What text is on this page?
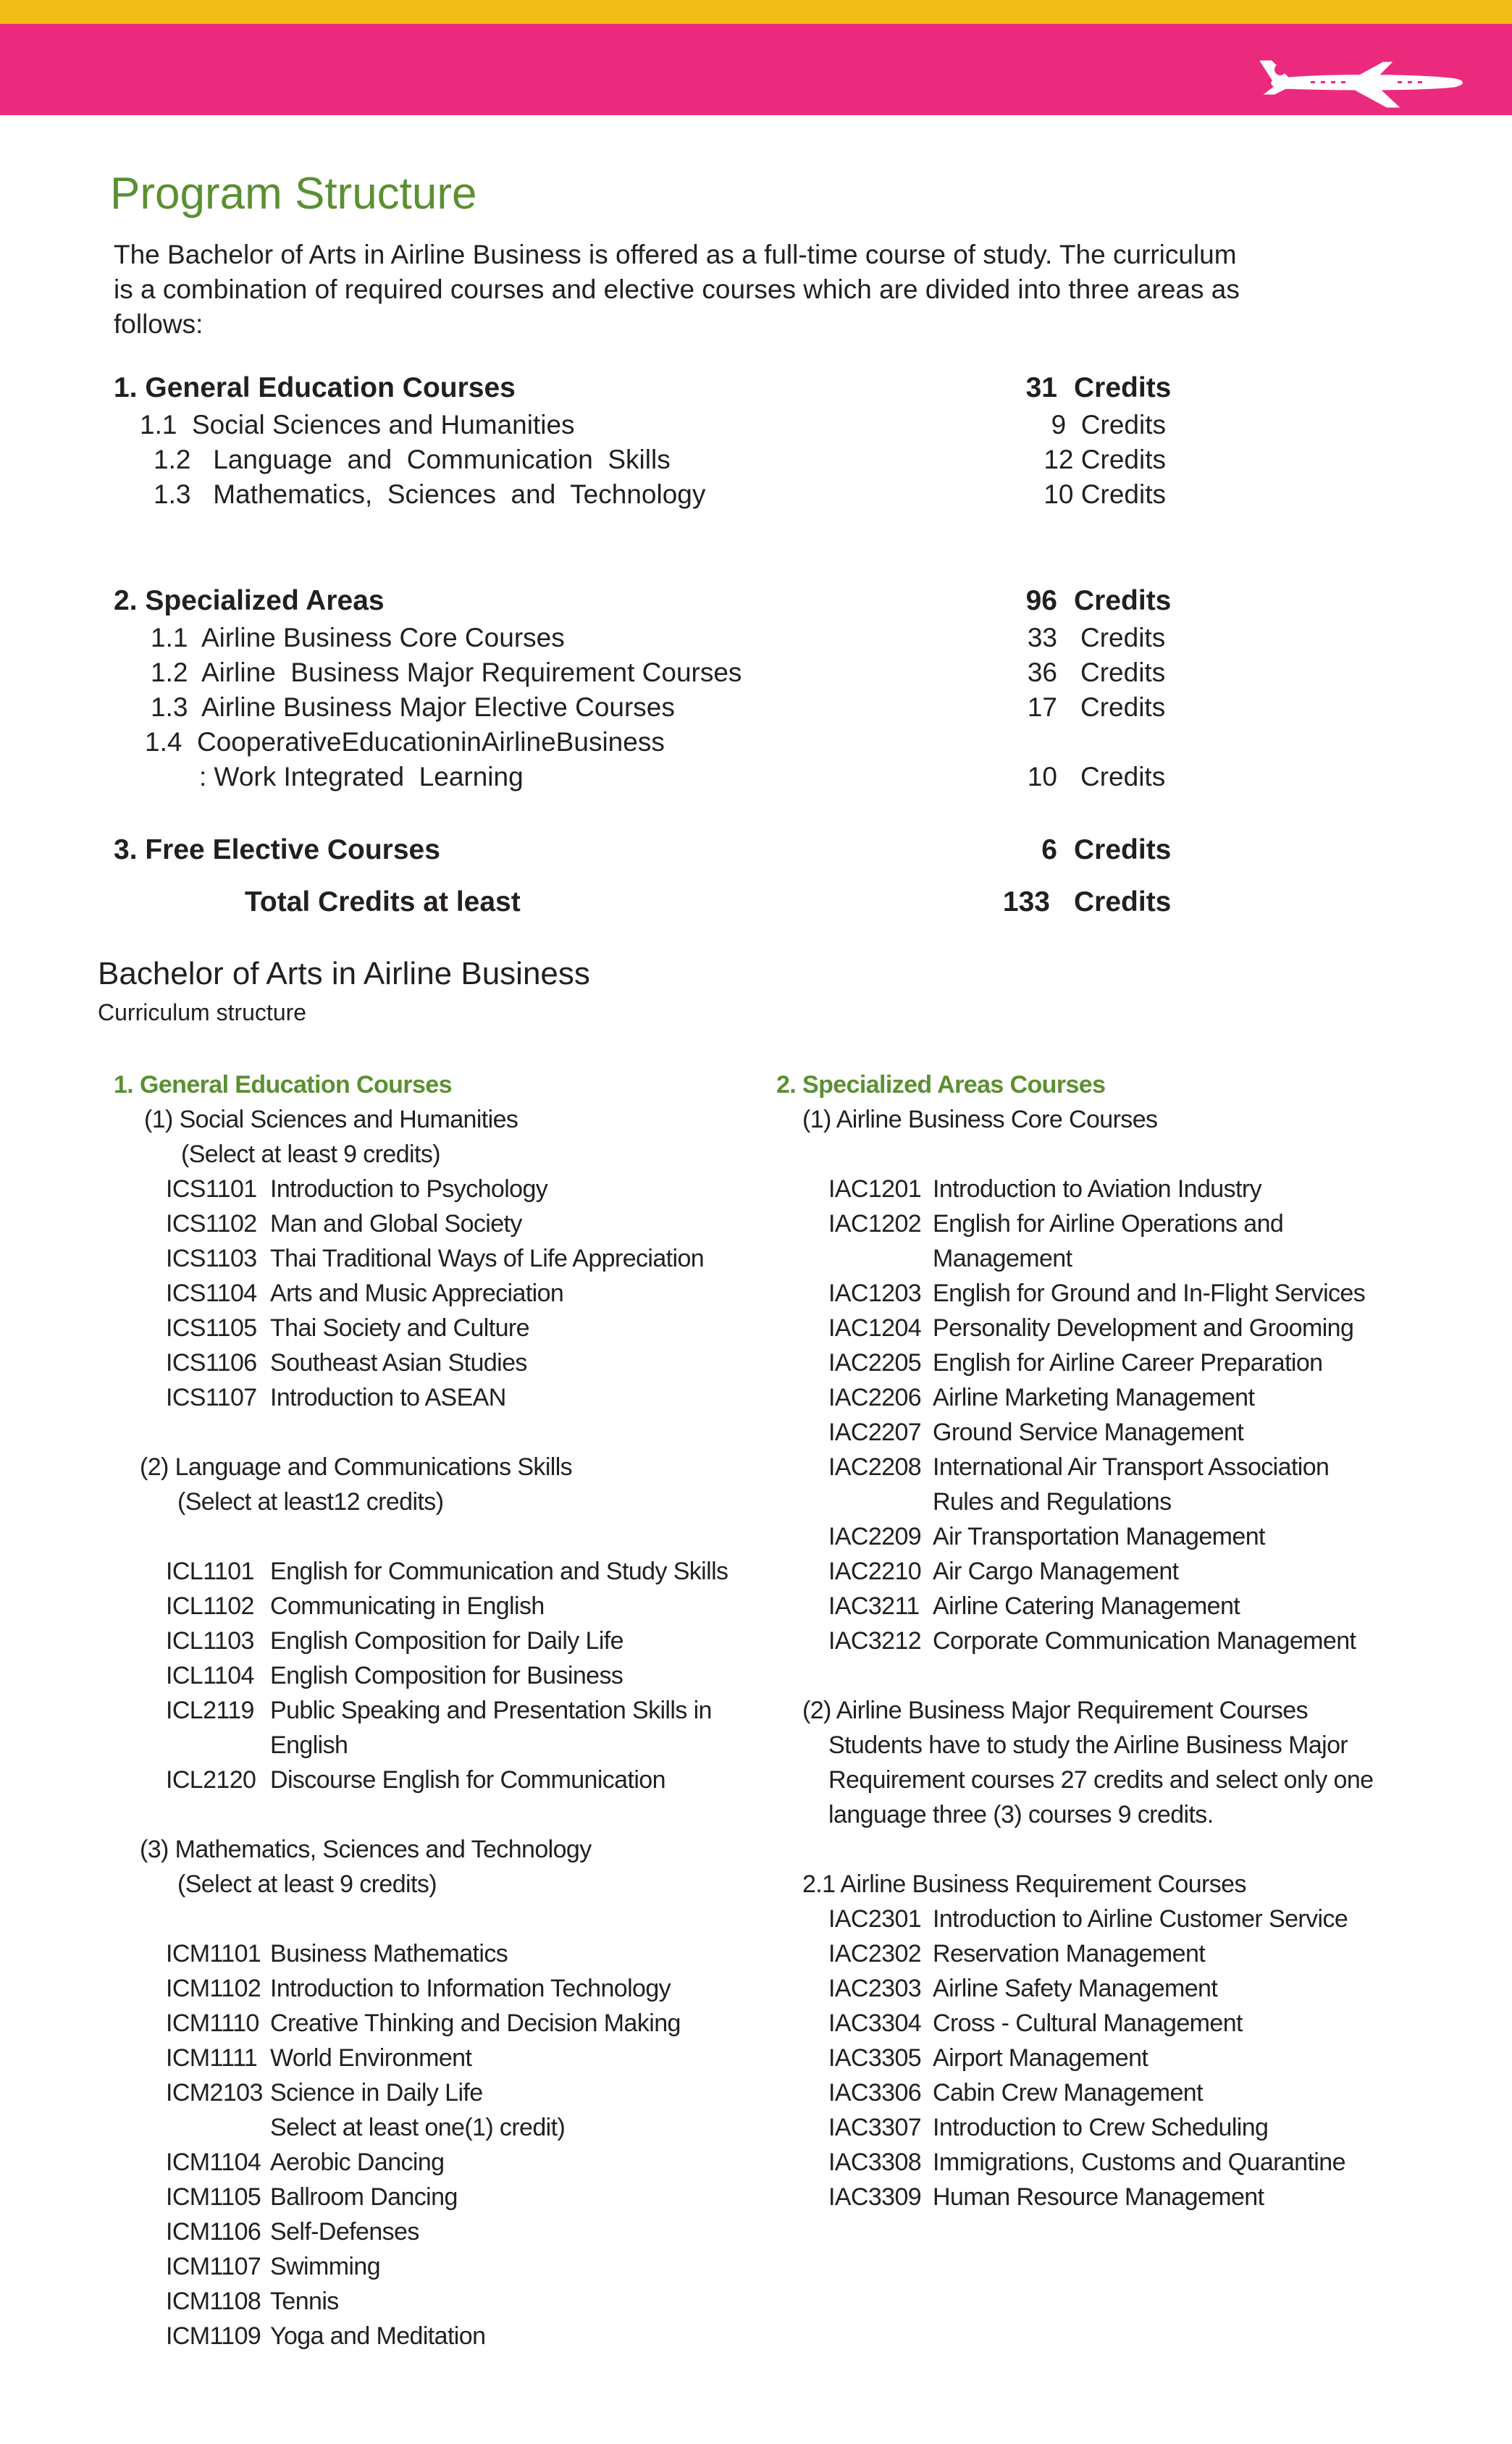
Program Structure
The Bachelor of Arts in Airline Business is offered as a full-time course of study. The curriculum
is a combination of required courses and elective courses which are divided into three areas as
follows:
1. General Education Courses	31 Credits
1.1  Social Sciences and Humanities	9  Credits
1.2   Language  and  Communication  Skills	12 Credits
1.3   Mathematics,  Sciences  and  Technology	10 Credits
2. Specialized Areas	96 Credits
1.1  Airline Business Core Courses	33 Credits
1.2  Airline  Business Major Requirement Courses	36 Credits
1.3  Airline Business Major Elective Courses	17 Credits
1.4  CooperativeEducationinAirlineBusiness
: Work Integrated  Learning	10 Credits
3. Free Elective Courses	6 Credits
Total Credits at least	133 Credits
Bachelor of Arts in Airline Business
Curriculum structure
1. General Education Courses
(1) Social Sciences and Humanities
(Select at least 9 credits)
ICS1101 Introduction to Psychology
ICS1102 Man and Global Society
ICS1103 Thai Traditional Ways of Life Appreciation
ICS1104 Arts and Music Appreciation
ICS1105 Thai Society and Culture
ICS1106 Southeast Asian Studies
ICS1107 Introduction to ASEAN
(2) Language and Communications Skills
(Select at least12 credits)
ICL1101 English for Communication and Study Skills
ICL1102 Communicating in English
ICL1103 English Composition for Daily Life
ICL1104 English Composition for Business
ICL2119 Public Speaking and Presentation Skills in
English
ICL2120 Discourse English for Communication
(3) Mathematics, Sciences and Technology
(Select at least 9 credits)
ICM1101 Business Mathematics
ICM1102 Introduction to Information Technology
ICM1110 Creative Thinking and Decision Making
ICM1111 World Environment
ICM2103 Science in Daily Life
Select at least one(1) credit)
ICM1104 Aerobic Dancing
ICM1105 Ballroom Dancing
ICM1106 Self-Defenses
ICM1107 Swimming
ICM1108 Tennis
ICM1109 Yoga and Meditation
2. Specialized Areas Courses
(1) Airline Business Core Courses
IAC1201 Introduction to Aviation Industry
IAC1202 English for Airline Operations and
Management
IAC1203 English for Ground and In-Flight Services
IAC1204 Personality Development and Grooming
IAC2205 English for Airline Career Preparation
IAC2206 Airline Marketing Management
IAC2207 Ground Service Management
IAC2208 International Air Transport Association
Rules and Regulations
IAC2209 Air Transportation Management
IAC2210 Air Cargo Management
IAC3211 Airline Catering Management
IAC3212 Corporate Communication Management
(2) Airline Business Major Requirement Courses
Students have to study the Airline Business Major
Requirement courses 27 credits and select only one
language three (3) courses 9 credits.
2.1 Airline Business Requirement Courses
IAC2301 Introduction to Airline Customer Service
IAC2302 Reservation Management
IAC2303 Airline Safety Management
IAC3304 Cross - Cultural Management
IAC3305 Airport Management
IAC3306 Cabin Crew Management
IAC3307 Introduction to Crew Scheduling
IAC3308 Immigrations, Customs and Quarantine
IAC3309 Human Resource Management
